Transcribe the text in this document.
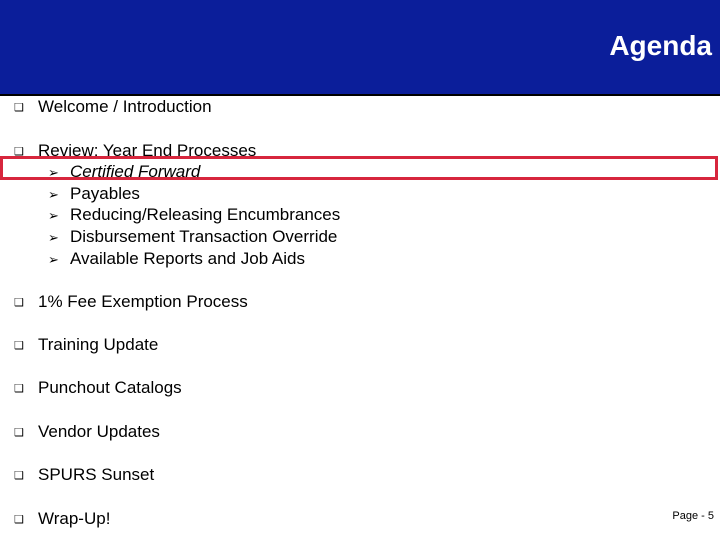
Agenda
❑ Welcome / Introduction
❑ Review: Year End Processes
➢ Certified Forward
➢ Payables
➢ Reducing/Releasing Encumbrances
➢ Disbursement Transaction Override
➢ Available Reports and Job Aids
❑ 1% Fee Exemption Process
❑ Training Update
❑ Punchout Catalogs
❑ Vendor Updates
❑ SPURS Sunset
❑ Wrap-Up!	Page - 5
